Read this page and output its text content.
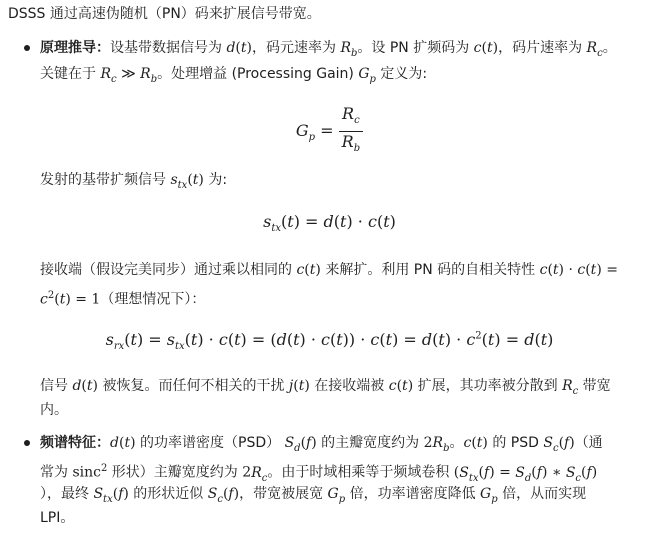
DSSS 通过高速伪随机（PN）码来扩展信号带宽。
原理推导：设基带数据信号为 d(t)，码元速率为 $R_b$。设 PN 扩频码为 c(t)，码片速率为 $R_c$。
关键在于 $R_c$ ≫ $R_b$。处理增益 (Processing Gain) $G_p$ 定义为:
$G_p = \frac{R_c}{R_b}$
发射的基带扩频信号 $s_{tx}(t)$ 为:
$s_{tx}(t) = d(t) \cdot c(t)$
接收端（假设完美同步）通过乘以相同的 c(t) 来解扩。利用 PN 码的自相关特性 c(t) · c(t) =
$c^2(t) = 1$（理想情况下）：
$s_{rx}(t) = s_{tx}(t) \cdot c(t) = (d(t) \cdot c(t)) \cdot c(t) = d(t) \cdot c^2(t) = d(t)$
信号 d(t) 被恢复。而任何不相关的干扰 j(t) 在接收端被 c(t) 扩展，其功率被分散到 $R_c$ 带宽
内。
频谱特征：d(t) 的功率谱密度（PSD） $S_d(f)$ 的主瓣宽度约为 $2R_b$。c(t) 的 PSD $S_c(f)$（通
常为 sinc$^2$ 形状）主瓣宽度约为 $2R_c$。由于时域相乘等于频域卷积 ($S_{tx}(f) = S_d(f)$ ∗ $S_c(f)$
），最终 $S_{tx}(f)$ 的形状近似 $S_c(f)$，带宽被展宽 $G_p$ 倍，功率谱密度降低 $G_p$ 倍，从而实现
LPI。
